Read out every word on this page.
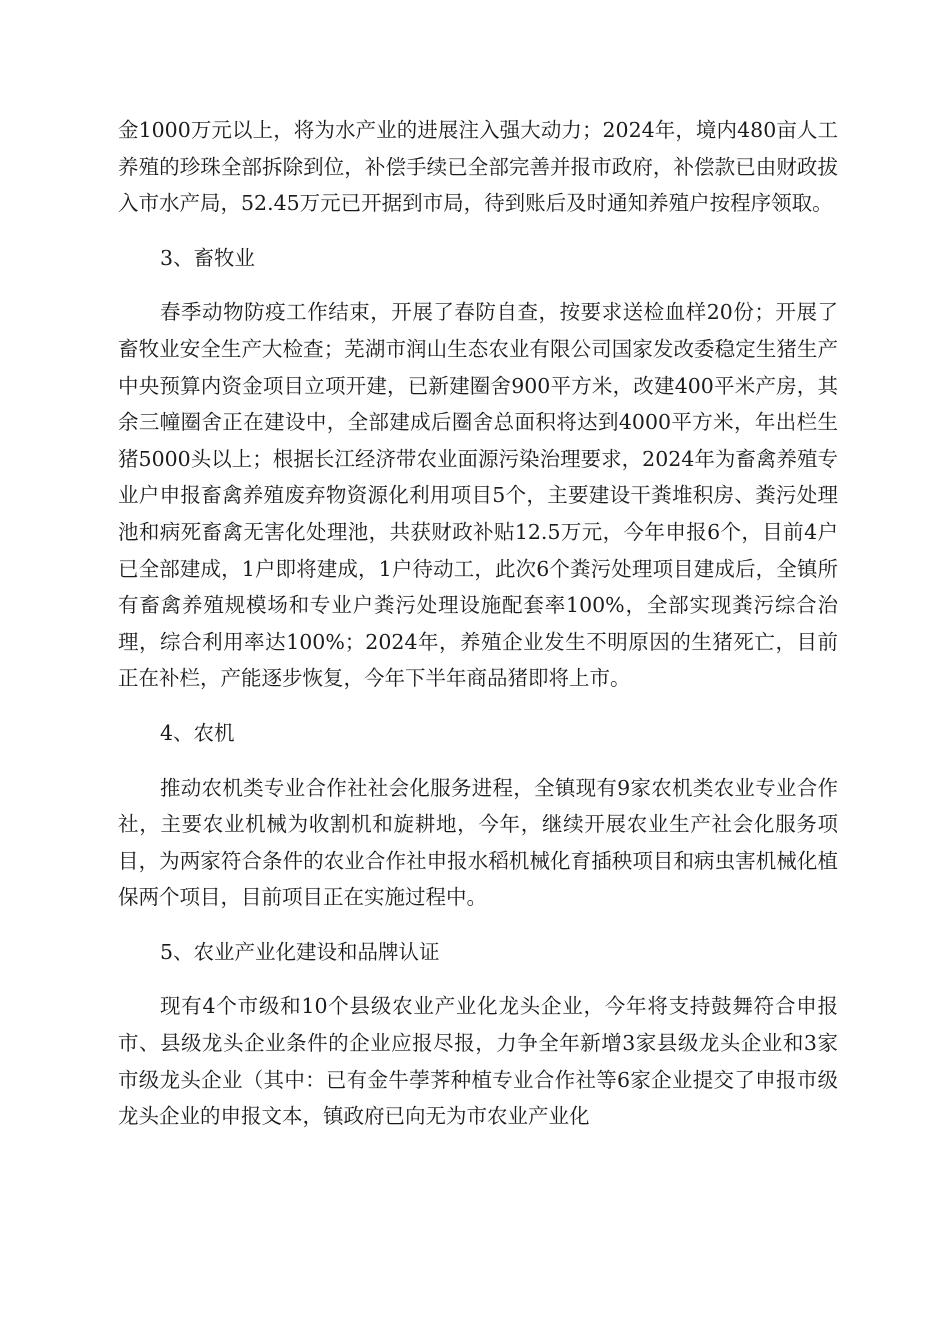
金1000万元以上，将为水产业的进展注入强大动力；2024年，境内480亩人工养殖的珍珠全部拆除到位，补偿手续已全部完善并报市政府，补偿款已由财政拔入市水产局，52.45万元已开据到市局，待到账后及时通知养殖户按程序领取。

3、畜牧业

春季动物防疫工作结束，开展了春防自查，按要求送检血样20份；开展了畜牧业安全生产大检查；芜湖市润山生态农业有限公司国家发改委稳定生猪生产中央预算内资金项目立项开建，已新建圈舍900平方米，改建400平米产房，其余三幢圈舍正在建设中，全部建成后圈舍总面积将达到4000平方米，年出栏生猪5000头以上；根据长江经济带农业面源污染治理要求，2024年为畜禽养殖专业户申报畜禽养殖废弃物资源化利用项目5个，主要建设干粪堆积房、粪污处理池和病死畜禽无害化处理池，共获财政补贴12.5万元，今年申报6个，目前4户已全部建成，1户即将建成，1户待动工，此次6个粪污处理项目建成后，全镇所有畜禽养殖规模场和专业户粪污处理设施配套率100%，全部实现粪污综合治理，综合利用率达100%；2024年，养殖企业发生不明原因的生猪死亡，目前正在补栏，产能逐步恢复，今年下半年商品猪即将上市。

4、农机

推动农机类专业合作社社会化服务进程，全镇现有9家农机类农业专业合作社，主要农业机械为收割机和旋耕地，今年，继续开展农业生产社会化服务项目，为两家符合条件的农业合作社申报水稻机械化育插秧项目和病虫害机械化植保两个项目，目前项目正在实施过程中。

5、农业产业化建设和品牌认证

现有4个市级和10个县级农业产业化龙头企业，今年将支持鼓舞符合申报市、县级龙头企业条件的企业应报尽报，力争全年新增3家县级龙头企业和3家市级龙头企业（其中：已有金牛荸荠种植专业合作社等6家企业提交了申报市级龙头企业的申报文本，镇政府已向无为市农业产业化
